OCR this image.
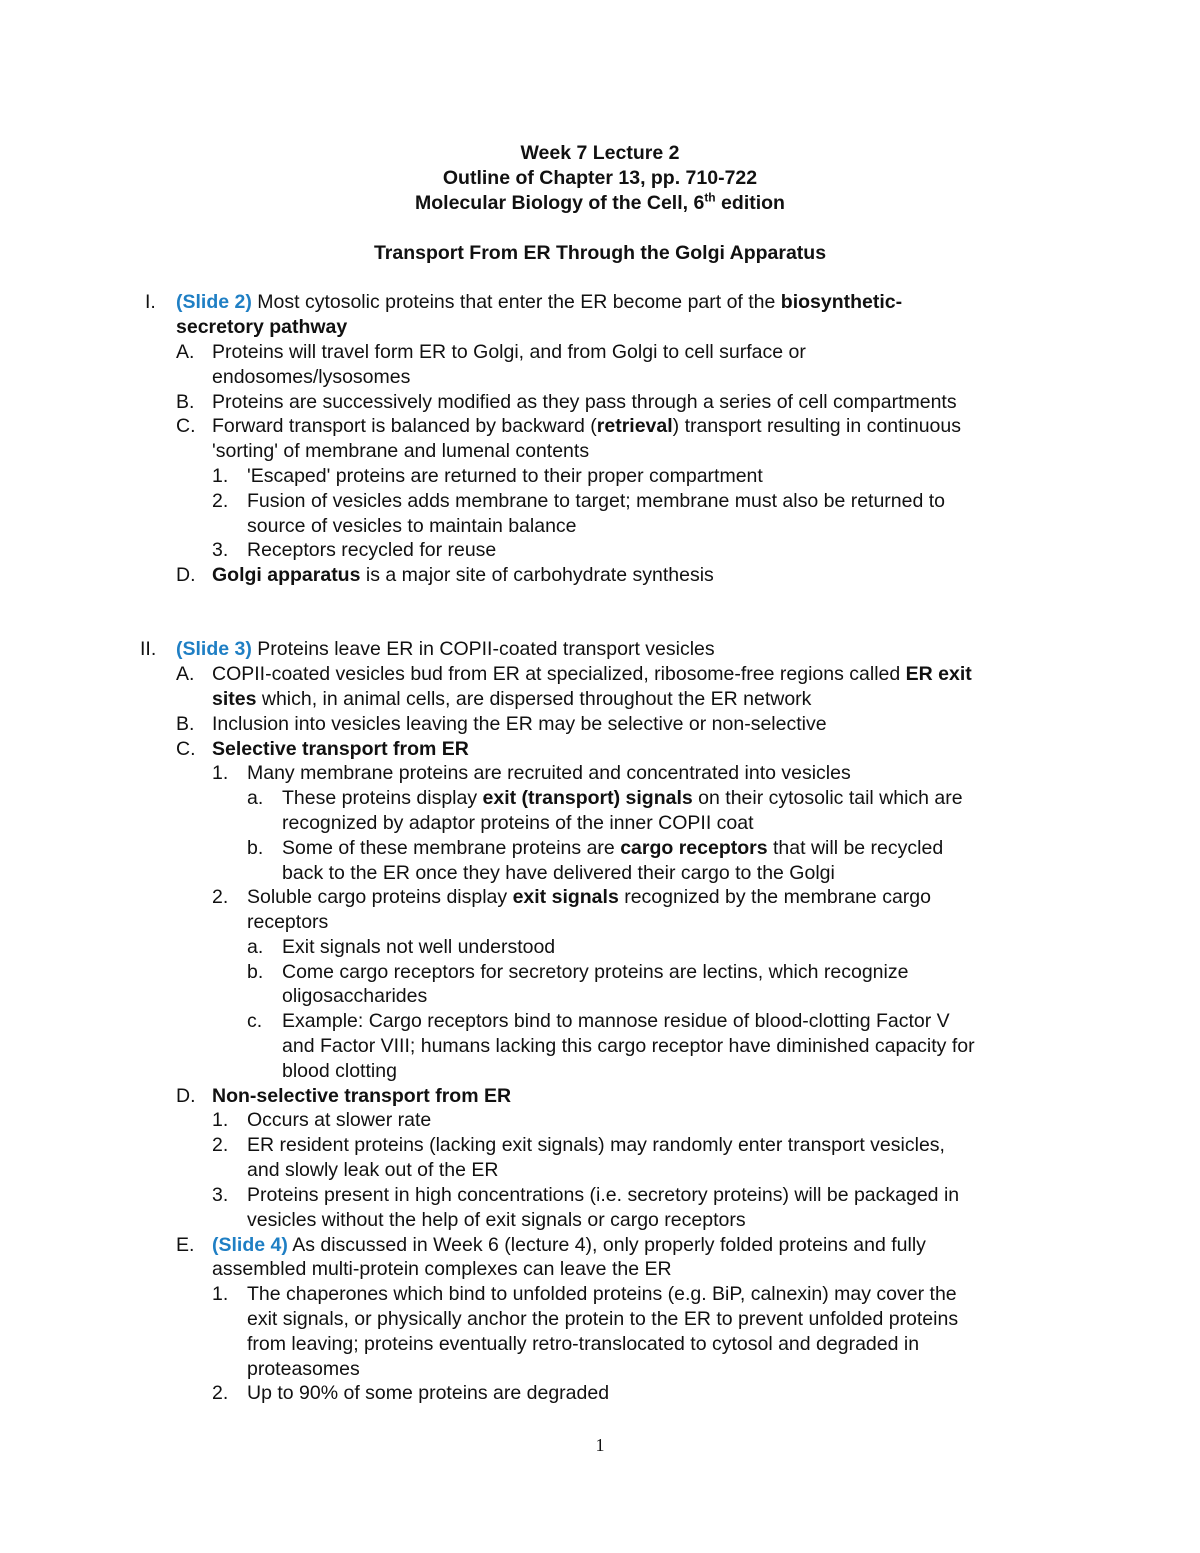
Week 7 Lecture 2
Outline of Chapter 13, pp. 710-722
Molecular Biology of the Cell, 6th edition
Transport From ER Through the Golgi Apparatus
I. (Slide 2) Most cytosolic proteins that enter the ER become part of the biosynthetic-
secretory pathway
A. Proteins will travel form ER to Golgi, and from Golgi to cell surface or
endosomes/lysosomes
B. Proteins are successively modified as they pass through a series of cell compartments
C. Forward transport is balanced by backward (retrieval) transport resulting in continuous
'sorting' of membrane and lumenal contents
1. 'Escaped' proteins are returned to their proper compartment
2. Fusion of vesicles adds membrane to target; membrane must also be returned to
source of vesicles to maintain balance
3. Receptors recycled for reuse
D. Golgi apparatus is a major site of carbohydrate synthesis
II. (Slide 3) Proteins leave ER in COPII-coated transport vesicles
A. COPII-coated vesicles bud from ER at specialized, ribosome-free regions called ER exit
sites which, in animal cells, are dispersed throughout the ER network
B. Inclusion into vesicles leaving the ER may be selective or non-selective
C. Selective transport from ER
1. Many membrane proteins are recruited and concentrated into vesicles
a. These proteins display exit (transport) signals on their cytosolic tail which are
recognized by adaptor proteins of the inner COPII coat
b. Some of these membrane proteins are cargo receptors that will be recycled
back to the ER once they have delivered their cargo to the Golgi
2. Soluble cargo proteins display exit signals recognized by the membrane cargo
receptors
a. Exit signals not well understood
b. Come cargo receptors for secretory proteins are lectins, which recognize
oligosaccharides
c. Example: Cargo receptors bind to mannose residue of blood-clotting Factor V
and Factor VIII; humans lacking this cargo receptor have diminished capacity for
blood clotting
D. Non-selective transport from ER
1. Occurs at slower rate
2. ER resident proteins (lacking exit signals) may randomly enter transport vesicles,
and slowly leak out of the ER
3. Proteins present in high concentrations (i.e. secretory proteins) will be packaged in
vesicles without the help of exit signals or cargo receptors
E. (Slide 4) As discussed in Week 6 (lecture 4), only properly folded proteins and fully
assembled multi-protein complexes can leave the ER
1. The chaperones which bind to unfolded proteins (e.g. BiP, calnexin) may cover the
exit signals, or physically anchor the protein to the ER to prevent unfolded proteins
from leaving; proteins eventually retro-translocated to cytosol and degraded in
proteasomes
2. Up to 90% of some proteins are degraded
1
